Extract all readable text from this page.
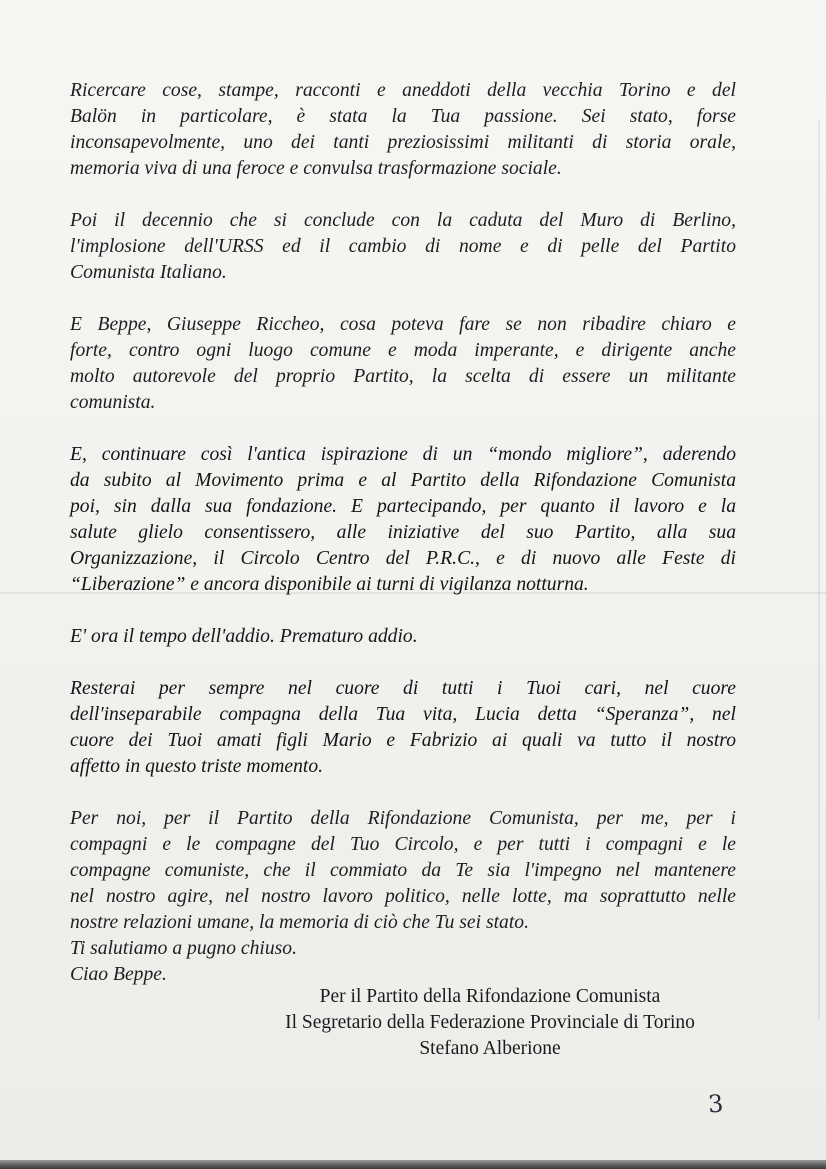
Ricercare cose, stampe, racconti e aneddoti della vecchia Torino e del
Balön in particolare, è stata la Tua passione. Sei stato, forse
inconsapevolmente, uno dei tanti preziosissimi militanti di storia orale,
memoria viva di una feroce e convulsa trasformazione sociale.
Poi il decennio che si conclude con la caduta del Muro di Berlino,
l'implosione dell'URSS ed il cambio di nome e di pelle del Partito
Comunista Italiano.
E Beppe, Giuseppe Riccheo, cosa poteva fare se non ribadire chiaro e
forte, contro ogni luogo comune e moda imperante, e dirigente anche
molto autorevole del proprio Partito, la scelta di essere un militante
comunista.
E, continuare così l'antica ispirazione di un “mondo migliore”, aderendo
da subito al Movimento prima e al Partito della Rifondazione Comunista
poi, sin dalla sua fondazione. E partecipando, per quanto il lavoro e la
salute glielo consentissero, alle iniziative del suo Partito, alla sua
Organizzazione, il Circolo Centro del P.R.C., e di nuovo alle Feste di
“Liberazione” e ancora disponibile ai turni di vigilanza notturna.
E' ora il tempo dell'addio. Prematuro addio.
Resterai per sempre nel cuore di tutti i Tuoi cari, nel cuore
dell'inseparabile compagna della Tua vita, Lucia detta “Speranza”, nel
cuore dei Tuoi amati figli Mario e Fabrizio ai quali va tutto il nostro
affetto in questo triste momento.
Per noi, per il Partito della Rifondazione Comunista, per me, per i
compagni e le compagne del Tuo Circolo, e per tutti i compagni e le
compagne comuniste, che il commiato da Te sia l'impegno nel mantenere
nel nostro agire, nel nostro lavoro politico, nelle lotte, ma soprattutto nelle
nostre relazioni umane, la memoria di ciò che Tu sei stato.
Ti salutiamo a pugno chiuso.
Ciao Beppe.
Per il Partito della Rifondazione Comunista
Il Segretario della Federazione Provinciale di Torino
Stefano Alberione
3
